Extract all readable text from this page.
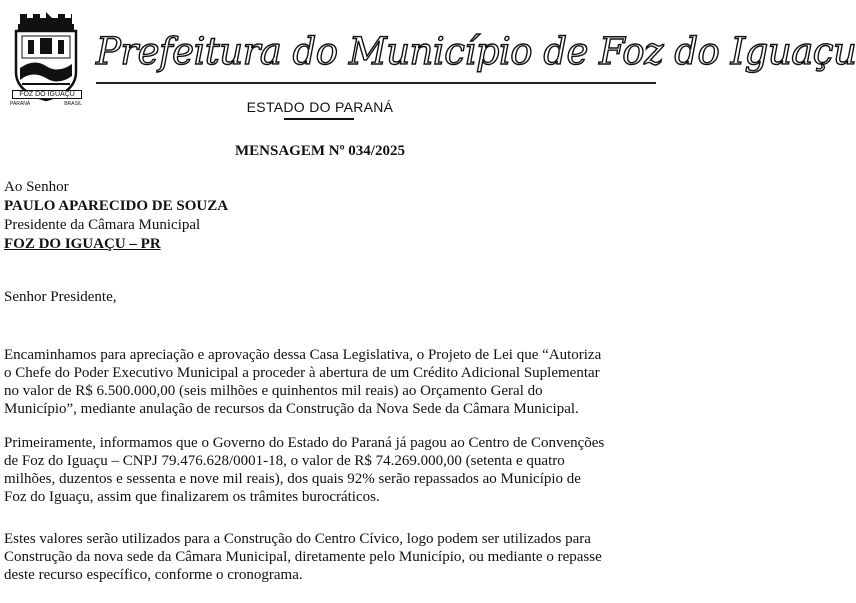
FOZ DO IGUAÇU
PARANÁ	BRASIL
Prefeitura do Município de Foz do Iguaçu
ESTADO DO PARANÁ
MENSAGEM Nº 034/2025
Ao Senhor
PAULO APARECIDO DE SOUZA
Presidente da Câmara Municipal
FOZ DO IGUAÇU – PR
Senhor Presidente,
Encaminhamos para apreciação e aprovação dessa Casa Legislativa, o Projeto de Lei que “Autoriza
o Chefe do Poder Executivo Municipal a proceder à abertura de um Crédito Adicional Suplementar
no valor de R$ 6.500.000,00 (seis milhões e quinhentos mil reais) ao Orçamento Geral do
Município”, mediante anulação de recursos da Construção da Nova Sede da Câmara Municipal.
Primeiramente, informamos que o Governo do Estado do Paraná já pagou ao Centro de Convenções
de Foz do Iguaçu – CNPJ 79.476.628/0001-18, o valor de R$ 74.269.000,00 (setenta e quatro
milhões, duzentos e sessenta e nove mil reais), dos quais 92% serão repassados ao Município de
Foz do Iguaçu, assim que finalizarem os trâmites burocráticos.
Estes valores serão utilizados para a Construção do Centro Cívico, logo podem ser utilizados para
Construção da nova sede da Câmara Municipal, diretamente pelo Município, ou mediante o repasse
deste recurso específico, conforme o cronograma.
